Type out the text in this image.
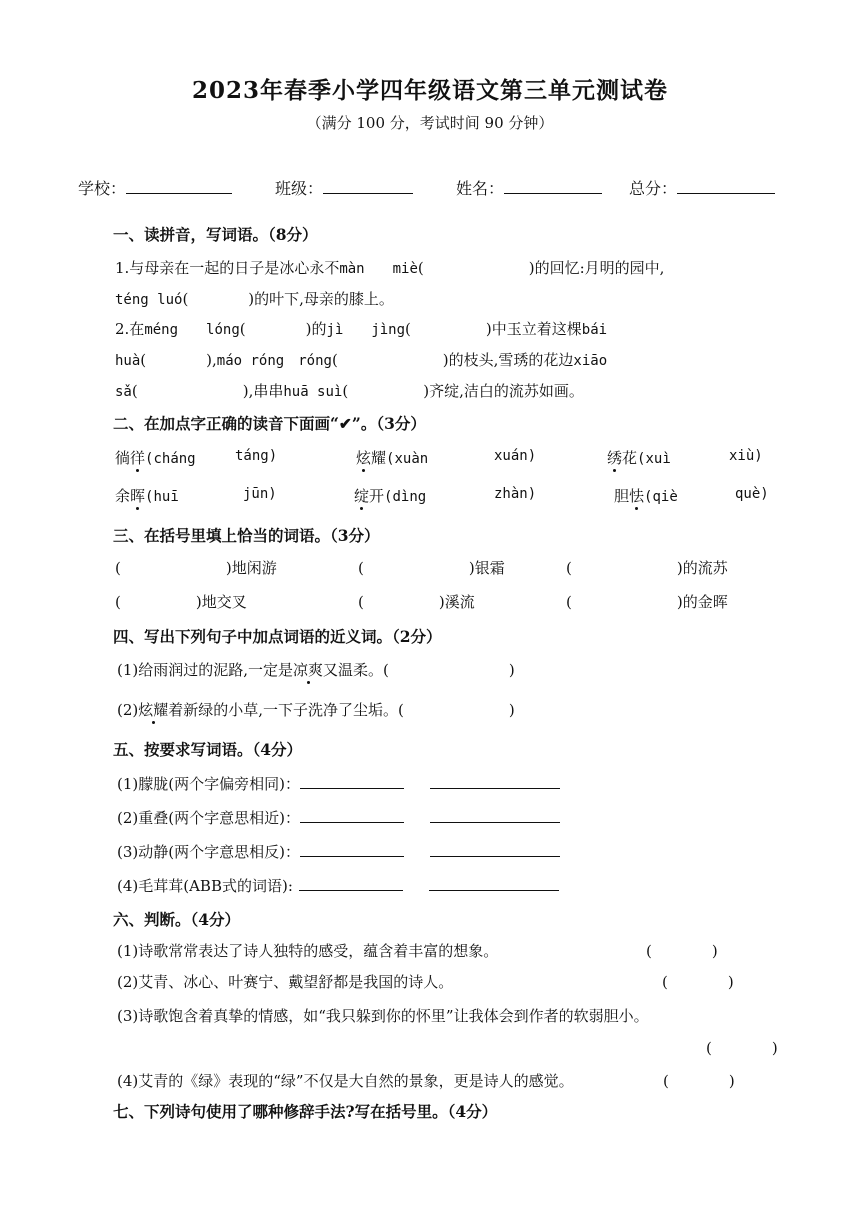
2023年春季小学四年级语文第三单元测试卷
（满分 100 分，考试时间 90 分钟）
学校：	班级：	姓名：	总分：
一、读拼音，写词语。（8分）
1.与母亲在一起的日子是冰心永不màn　　miè(　　　　　　　)的回忆:月明的园中,
téng luó(　　　　)的叶下,母亲的膝上。
2.在méng　　lóng(　　　　)的jì　　jìng(　　　　　)中玉立着这棵bái
huà(　　　　),máo róng　róng(　　　　　　　)的枝头,雪琇的花边xiāo
sǎ(　　　　　　　),串串huā suì(　　　　　)齐绽,洁白的流苏如画。
二、在加点字正确的读音下面画“✔”。（3分）
徜徉(cháng	táng)	炫耀(xuàn	xuán)	绣花(xuì	xiù)
余晖(huī	jūn)	绽开(dìng	zhàn)	胆怯(qiè	què)
三、在括号里填上恰当的词语。（3分）
(　　　　　　　)地闲游	(　　　　　　　)银霜	(　　　　　　　)的流苏
(　　　　　)地交叉	(　　　　　)溪流	(　　　　　　　)的金晖
四、写出下列句子中加点词语的近义词。（2分）
(1)给雨润过的泥路,一定是凉爽又温柔。(　　　　　　　　)
(2)炫耀着新绿的小草,一下子洗净了尘垢。(　　　　　　　)
五、按要求写词语。（4分）
(1)朦胧(两个字偏旁相同)：
(2)重叠(两个字意思相近)：
(3)动静(两个字意思相反)：
(4)毛茸茸(ABB式的词语):
六、判断。（4分）
(1)诗歌常常表达了诗人独特的感受，蕴含着丰富的想象。	(　　　　)
(2)艾青、冰心、叶赛宁、戴望舒都是我国的诗人。	(　　　　)
(3)诗歌饱含着真挚的情感，如“我只躲到你的怀里”让我体会到作者的软弱胆小。
(　　　　)
(4)艾青的《绿》表现的“绿”不仅是大自然的景象，更是诗人的感觉。	(　　　　)
七、下列诗句使用了哪种修辞手法?写在括号里。（4分）
